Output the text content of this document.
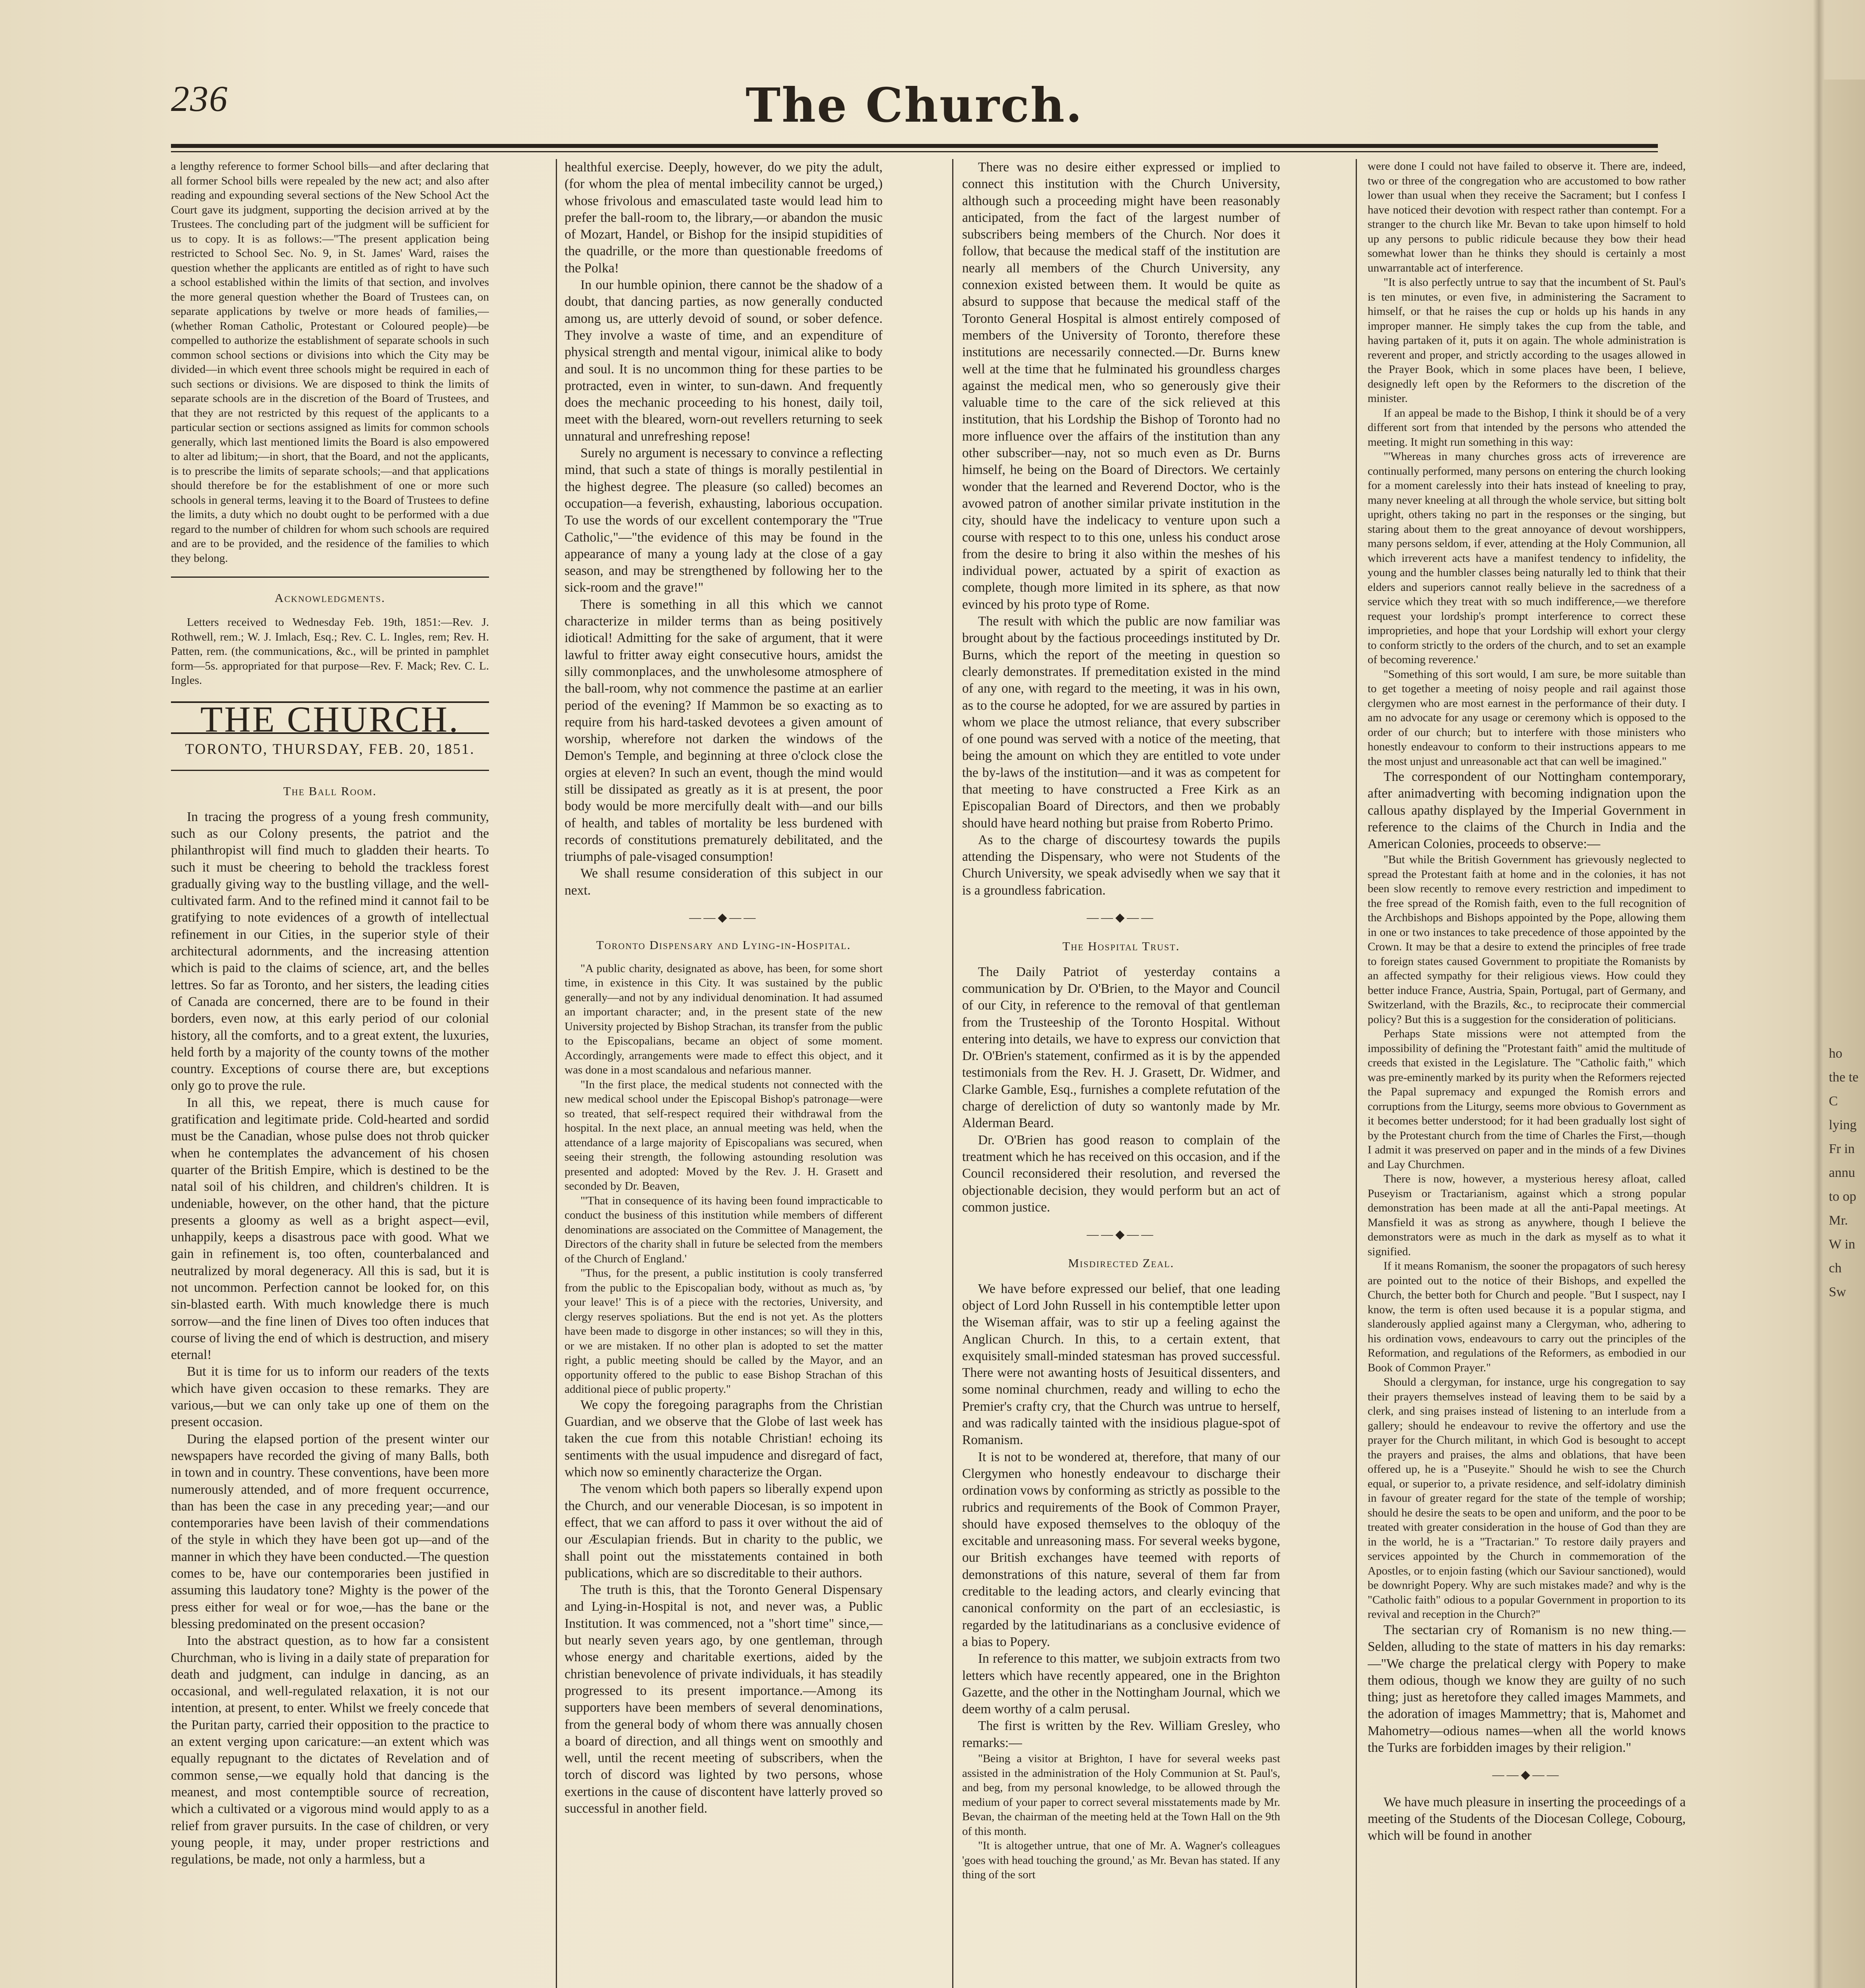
236	The Church.

a lengthy reference to former School bills—and after declaring that all former School bills were repealed by the new act; and also after reading and expounding several sections of the New School Act the Court gave its judgment, supporting the decision arrived at by the Trustees. The concluding part of the judgment will be sufficient for us to copy. It is as follows:—"The present application being restricted to School Sec. No. 9, in St. James' Ward, raises the question whether the applicants are entitled as of right to have such a school established within the limits of that section, and involves the more general question whether the Board of Trustees can, on separate applications by twelve or more heads of families,—(whether Roman Catholic, Protestant or Coloured people)—be compelled to authorize the establishment of separate schools in such common school sections or divisions into which the City may be divided—in which event three schools might be required in each of such sections or divisions. We are disposed to think the limits of separate schools are in the discretion of the Board of Trustees, and that they are not restricted by this request of the applicants to a particular section or sections assigned as limits for common schools generally, which last mentioned limits the Board is also empowered to alter ad libitum;—in short, that the Board, and not the applicants, is to prescribe the limits of separate schools;—and that applications should therefore be for the establishment of one or more such schools in general terms, leaving it to the Board of Trustees to define the limits, a duty which no doubt ought to be performed with a due regard to the number of children for whom such schools are required and are to be provided, and the residence of the families to which they belong.

Acknowledgments.

Letters received to Wednesday Feb. 19th, 1851:—Rev. J. Rothwell, rem.; W. J. Imlach, Esq.; Rev. C. L. Ingles, rem; Rev. H. Patten, rem. (the communications, &c., will be printed in pamphlet form—5s. appropriated for that purpose—Rev. F. Mack; Rev. C. L. Ingles.

THE CHURCH.
TORONTO, THURSDAY, FEB. 20, 1851.

The Ball Room.

In tracing the progress of a young fresh community, such as our Colony presents, the patriot and the philanthropist will find much to gladden their hearts. To such it must be cheering to behold the trackless forest gradually giving way to the bustling village, and the well-cultivated farm. And to the refined mind it cannot fail to be gratifying to note evidences of a growth of intellectual refinement in our Cities, in the superior style of their architectural adornments, and the increasing attention which is paid to the claims of science, art, and the belles lettres. So far as Toronto, and her sisters, the leading cities of Canada are concerned, there are to be found in their borders, even now, at this early period of our colonial history, all the comforts, and to a great extent, the luxuries, held forth by a majority of the county towns of the mother country. Exceptions of course there are, but exceptions only go to prove the rule.

In all this, we repeat, there is much cause for gratification and legitimate pride. Cold-hearted and sordid must be the Canadian, whose pulse does not throb quicker when he contemplates the advancement of his chosen quarter of the British Empire, which is destined to be the natal soil of his children, and children's children. It is undeniable, however, on the other hand, that the picture presents a gloomy as well as a bright aspect—evil, unhappily, keeps a disastrous pace with good. What we gain in refinement is, too often, counterbalanced and neutralized by moral degeneracy. All this is sad, but it is not uncommon. Perfection cannot be looked for, on this sin-blasted earth. With much knowledge there is much sorrow—and the fine linen of Dives too often induces that course of living the end of which is destruction, and misery eternal!

But it is time for us to inform our readers of the texts which have given occasion to these remarks. They are various,—but we can only take up one of them on the present occasion.

During the elapsed portion of the present winter our newspapers have recorded the giving of many Balls, both in town and in country. These conventions, have been more numerously attended, and of more frequent occurrence, than has been the case in any preceding year;—and our contemporaries have been lavish of their commendations of the style in which they have been got up—and of the manner in which they have been conducted.—The question comes to be, have our contemporaries been justified in assuming this laudatory tone? Mighty is the power of the press either for weal or for woe,—has the bane or the blessing predominated on the present occasion?

Into the abstract question, as to how far a consistent Churchman, who is living in a daily state of preparation for death and judgment, can indulge in dancing, as an occasional, and well-regulated relaxation, it is not our intention, at present, to enter. Whilst we freely concede that the Puritan party, carried their opposition to the practice to an extent verging upon caricature:—an extent which was equally repugnant to the dictates of Revelation and of common sense,—we equally hold that dancing is the meanest, and most contemptible source of recreation, which a cultivated or a vigorous mind would apply to as a relief from graver pursuits. In the case of children, or very young people, it may, under proper restrictions and regulations, be made, not only a harmless, but a

healthful exercise. Deeply, however, do we pity the adult, (for whom the plea of mental imbecility cannot be urged,) whose frivolous and emasculated taste would lead him to prefer the ball-room to, the library,—or abandon the music of Mozart, Handel, or Bishop for the insipid stupidities of the quadrille, or the more than questionable freedoms of the Polka!

In our humble opinion, there cannot be the shadow of a doubt, that dancing parties, as now generally conducted among us, are utterly devoid of sound, or sober defence. They involve a waste of time, and an expenditure of physical strength and mental vigour, inimical alike to body and soul. It is no uncommon thing for these parties to be protracted, even in winter, to sun-dawn. And frequently does the mechanic proceeding to his honest, daily toil, meet with the bleared, worn-out revellers returning to seek unnatural and unrefreshing repose!

Surely no argument is necessary to convince a reflecting mind, that such a state of things is morally pestilential in the highest degree. The pleasure (so called) becomes an occupation—a feverish, exhausting, laborious occupation. To use the words of our excellent contemporary the "True Catholic,"—"the evidence of this may be found in the appearance of many a young lady at the close of a gay season, and may be strengthened by following her to the sick-room and the grave!"

There is something in all this which we cannot characterize in milder terms than as being positively idiotical! Admitting for the sake of argument, that it were lawful to fritter away eight consecutive hours, amidst the silly commonplaces, and the unwholesome atmosphere of the ball-room, why not commence the pastime at an earlier period of the evening? If Mammon be so exacting as to require from his hard-tasked devotees a given amount of worship, wherefore not darken the windows of the Demon's Temple, and beginning at three o'clock close the orgies at eleven? In such an event, though the mind would still be dissipated as greatly as it is at present, the poor body would be more mercifully dealt with—and our bills of health, and tables of mortality be less burdened with records of constitutions prematurely debilitated, and the triumphs of pale-visaged consumption!

We shall resume consideration of this subject in our next.

——◆——

Toronto Dispensary and Lying-in-Hospital.

"A public charity, designated as above, has been, for some short time, in existence in this City. It was sustained by the public generally—and not by any individual denomination. It had assumed an important character; and, in the present state of the new University projected by Bishop Strachan, its transfer from the public to the Episcopalians, became an object of some moment. Accordingly, arrangements were made to effect this object, and it was done in a most scandalous and nefarious manner.

"In the first place, the medical students not connected with the new medical school under the Episcopal Bishop's patronage—were so treated, that self-respect required their withdrawal from the hospital. In the next place, an annual meeting was held, when the attendance of a large majority of Episcopalians was secured, when seeing their strength, the following astounding resolution was presented and adopted: Moved by the Rev. J. H. Grasett and seconded by Dr. Beaven,

"'That in consequence of its having been found impracticable to conduct the business of this institution while members of different denominations are associated on the Committee of Management, the Directors of the charity shall in future be selected from the members of the Church of England.'

"Thus, for the present, a public institution is cooly transferred from the public to the Episcopalian body, without as much as, 'by your leave!' This is of a piece with the rectories, University, and clergy reserves spoliations. But the end is not yet. As the plotters have been made to disgorge in other instances; so will they in this, or we are mistaken. If no other plan is adopted to set the matter right, a public meeting should be called by the Mayor, and an opportunity offered to the public to ease Bishop Strachan of this additional piece of public property."

We copy the foregoing paragraphs from the Christian Guardian, and we observe that the Globe of last week has taken the cue from this notable Christian! echoing its sentiments with the usual impudence and disregard of fact, which now so eminently characterize the Organ.

The venom which both papers so liberally expend upon the Church, and our venerable Diocesan, is so impotent in effect, that we can afford to pass it over without the aid of our Æsculapian friends. But in charity to the public, we shall point out the misstatements contained in both publications, which are so discreditable to their authors.

The truth is this, that the Toronto General Dispensary and Lying-in-Hospital is not, and never was, a Public Institution. It was commenced, not a "short time" since,—but nearly seven years ago, by one gentleman, through whose energy and charitable exertions, aided by the christian benevolence of private individuals, it has steadily progressed to its present importance.—Among its supporters have been members of several denominations, from the general body of whom there was annually chosen a board of direction, and all things went on smoothly and well, until the recent meeting of subscribers, when the torch of discord was lighted by two persons, whose exertions in the cause of discontent have latterly proved so successful in another field.

There was no desire either expressed or implied to connect this institution with the Church University, although such a proceeding might have been reasonably anticipated, from the fact of the largest number of subscribers being members of the Church. Nor does it follow, that because the medical staff of the institution are nearly all members of the Church University, any connexion existed between them. It would be quite as absurd to suppose that because the medical staff of the Toronto General Hospital is almost entirely composed of members of the University of Toronto, therefore these institutions are necessarily connected.—Dr. Burns knew well at the time that he fulminated his groundless charges against the medical men, who so generously give their valuable time to the care of the sick relieved at this institution, that his Lordship the Bishop of Toronto had no more influence over the affairs of the institution than any other subscriber—nay, not so much even as Dr. Burns himself, he being on the Board of Directors. We certainly wonder that the learned and Reverend Doctor, who is the avowed patron of another similar private institution in the city, should have the indelicacy to venture upon such a course with respect to to this one, unless his conduct arose from the desire to bring it also within the meshes of his individual power, actuated by a spirit of exaction as complete, though more limited in its sphere, as that now evinced by his proto type of Rome.

The result with which the public are now familiar was brought about by the factious proceedings instituted by Dr. Burns, which the report of the meeting in question so clearly demonstrates. If premeditation existed in the mind of any one, with regard to the meeting, it was in his own, as to the course he adopted, for we are assured by parties in whom we place the utmost reliance, that every subscriber of one pound was served with a notice of the meeting, that being the amount on which they are entitled to vote under the by-laws of the institution—and it was as competent for that meeting to have constructed a Free Kirk as an Episcopalian Board of Directors, and then we probably should have heard nothing but praise from Roberto Primo.

As to the charge of discourtesy towards the pupils attending the Dispensary, who were not Students of the Church University, we speak advisedly when we say that it is a groundless fabrication.

——◆——

The Hospital Trust.

The Daily Patriot of yesterday contains a communication by Dr. O'Brien, to the Mayor and Council of our City, in reference to the removal of that gentleman from the Trusteeship of the Toronto Hospital. Without entering into details, we have to express our conviction that Dr. O'Brien's statement, confirmed as it is by the appended testimonials from the Rev. H. J. Grasett, Dr. Widmer, and Clarke Gamble, Esq., furnishes a complete refutation of the charge of dereliction of duty so wantonly made by Mr. Alderman Beard.

Dr. O'Brien has good reason to complain of the treatment which he has received on this occasion, and if the Council reconsidered their resolution, and reversed the objectionable decision, they would perform but an act of common justice.

——◆——

Misdirected Zeal.

We have before expressed our belief, that one leading object of Lord John Russell in his contemptible letter upon the Wiseman affair, was to stir up a feeling against the Anglican Church. In this, to a certain extent, that exquisitely small-minded statesman has proved successful. There were not awanting hosts of Jesuitical dissenters, and some nominal churchmen, ready and willing to echo the Premier's crafty cry, that the Church was untrue to herself, and was radically tainted with the insidious plague-spot of Romanism.

It is not to be wondered at, therefore, that many of our Clergymen who honestly endeavour to discharge their ordination vows by conforming as strictly as possible to the rubrics and requirements of the Book of Common Prayer, should have exposed themselves to the obloquy of the excitable and unreasoning mass. For several weeks bygone, our British exchanges have teemed with reports of demonstrations of this nature, several of them far from creditable to the leading actors, and clearly evincing that canonical conformity on the part of an ecclesiastic, is regarded by the latitudinarians as a conclusive evidence of a bias to Popery.

In reference to this matter, we subjoin extracts from two letters which have recently appeared, one in the Brighton Gazette, and the other in the Nottingham Journal, which we deem worthy of a calm perusal.

The first is written by the Rev. William Gresley, who remarks:—

"Being a visitor at Brighton, I have for several weeks past assisted in the administration of the Holy Communion at St. Paul's, and beg, from my personal knowledge, to be allowed through the medium of your paper to correct several misstatements made by Mr. Bevan, the chairman of the meeting held at the Town Hall on the 9th of this month.

"It is altogether untrue, that one of Mr. A. Wagner's colleagues 'goes with head touching the ground,' as Mr. Bevan has stated. If any thing of the sort

were done I could not have failed to observe it. There are, indeed, two or three of the congregation who are accustomed to bow rather lower than usual when they receive the Sacrament; but I confess I have noticed their devotion with respect rather than contempt. For a stranger to the church like Mr. Bevan to take upon himself to hold up any persons to public ridicule because they bow their head somewhat lower than he thinks they should is certainly a most unwarrantable act of interference.

"It is also perfectly untrue to say that the incumbent of St. Paul's is ten minutes, or even five, in administering the Sacrament to himself, or that he raises the cup or holds up his hands in any improper manner. He simply takes the cup from the table, and having partaken of it, puts it on again. The whole administration is reverent and proper, and strictly according to the usages allowed in the Prayer Book, which in some places have been, I believe, designedly left open by the Reformers to the discretion of the minister.

If an appeal be made to the Bishop, I think it should be of a very different sort from that intended by the persons who attended the meeting. It might run something in this way:

"'Whereas in many churches gross acts of irreverence are continually performed, many persons on entering the church looking for a moment carelessly into their hats instead of kneeling to pray, many never kneeling at all through the whole service, but sitting bolt upright, others taking no part in the responses or the singing, but staring about them to the great annoyance of devout worshippers, many persons seldom, if ever, attending at the Holy Communion, all which irreverent acts have a manifest tendency to infidelity, the young and the humbler classes being naturally led to think that their elders and superiors cannot really believe in the sacredness of a service which they treat with so much indifference,—we therefore request your lordship's prompt interference to correct these improprieties, and hope that your Lordship will exhort your clergy to conform strictly to the orders of the church, and to set an example of becoming reverence.'

"Something of this sort would, I am sure, be more suitable than to get together a meeting of noisy people and rail against those clergymen who are most earnest in the performance of their duty. I am no advocate for any usage or ceremony which is opposed to the order of our church; but to interfere with those ministers who honestly endeavour to conform to their instructions appears to me the most unjust and unreasonable act that can well be imagined."

The correspondent of our Nottingham contemporary, after animadverting with becoming indignation upon the callous apathy displayed by the Imperial Government in reference to the claims of the Church in India and the American Colonies, proceeds to observe:—

"But while the British Government has grievously neglected to spread the Protestant faith at home and in the colonies, it has not been slow recently to remove every restriction and impediment to the free spread of the Romish faith, even to the full recognition of the Archbishops and Bishops appointed by the Pope, allowing them in one or two instances to take precedence of those appointed by the Crown. It may be that a desire to extend the principles of free trade to foreign states caused Government to propitiate the Romanists by an affected sympathy for their religious views. How could they better induce France, Austria, Spain, Portugal, part of Germany, and Switzerland, with the Brazils, &c., to reciprocate their commercial policy? But this is a suggestion for the consideration of politicians.

Perhaps State missions were not attempted from the impossibility of defining the "Protestant faith" amid the multitude of creeds that existed in the Legislature. The "Catholic faith," which was pre-eminently marked by its purity when the Reformers rejected the Papal supremacy and expunged the Romish errors and corruptions from the Liturgy, seems more obvious to Government as it becomes better understood; for it had been gradually lost sight of by the Protestant church from the time of Charles the First,—though I admit it was preserved on paper and in the minds of a few Divines and Lay Churchmen.

There is now, however, a mysterious heresy afloat, called Puseyism or Tractarianism, against which a strong popular demonstration has been made at all the anti-Papal meetings. At Mansfield it was as strong as anywhere, though I believe the demonstrators were as much in the dark as myself as to what it signified.

If it means Romanism, the sooner the propagators of such heresy are pointed out to the notice of their Bishops, and expelled the Church, the better both for Church and people. "But I suspect, nay I know, the term is often used because it is a popular stigma, and slanderously applied against many a Clergyman, who, adhering to his ordination vows, endeavours to carry out the principles of the Reformation, and regulations of the Reformers, as embodied in our Book of Common Prayer."

Should a clergyman, for instance, urge his congregation to say their prayers themselves instead of leaving them to be said by a clerk, and sing praises instead of listening to an interlude from a gallery; should he endeavour to revive the offertory and use the prayer for the Church militant, in which God is besought to accept the prayers and praises, the alms and oblations, that have been offered up, he is a "Puseyite." Should he wish to see the Church equal, or superior to, a private residence, and self-idolatry diminish in favour of greater regard for the state of the temple of worship; should he desire the seats to be open and uniform, and the poor to be treated with greater consideration in the house of God than they are in the world, he is a "Tractarian." To restore daily prayers and services appointed by the Church in commemoration of the Apostles, or to enjoin fasting (which our Saviour sanctioned), would be downright Popery. Why are such mistakes made? and why is the "Catholic faith" odious to a popular Government in proportion to its revival and reception in the Church?"

The sectarian cry of Romanism is no new thing.—Selden, alluding to the state of matters in his day remarks:—"We charge the prelatical clergy with Popery to make them odious, though we know they are guilty of no such thing; just as heretofore they called images Mammets, and the adoration of images Mammettry; that is, Mahomet and Mahometry—odious names—when all the world knows the Turks are forbidden images by their religion."

——◆——

We have much pleasure in inserting the proceedings of a meeting of the Students of the Diocesan College, Cobourg, which will be found in another

ho the te C lying Fr in annu to op Mr. W in ch Sw
